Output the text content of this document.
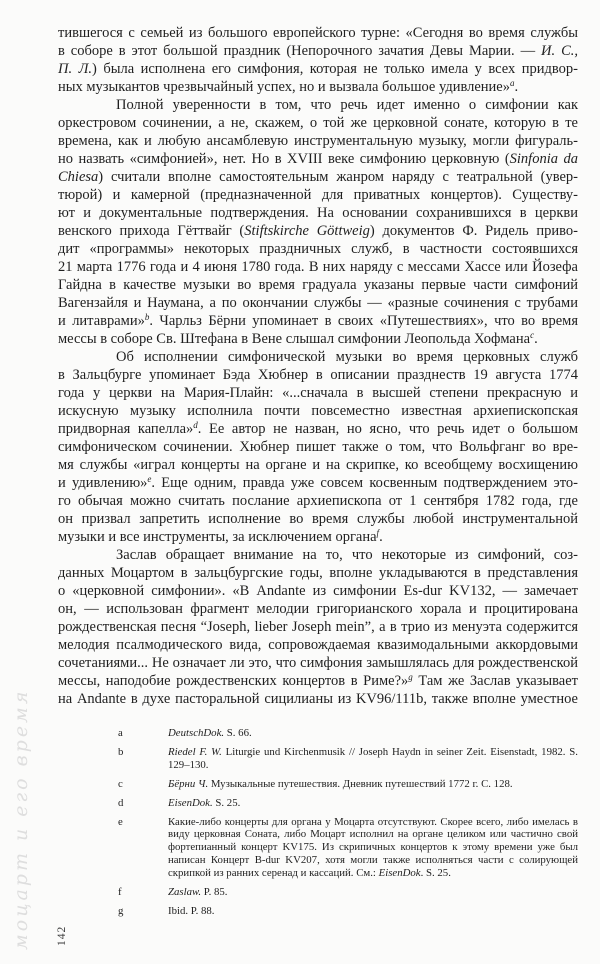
моцарт и его время
тившегося с семьей из большого европейского турне: «Сегодня во время службы
в соборе в этот большой праздник (Непорочного зачатия Девы Марии. — И. С.,
П. Л.) была исполнена его симфония, которая не только имела у всех придвор-
ных музыкантов чрезвычайный успех, но и вызвала большое удивление»$^a$.
Полной уверенности в том, что речь идет именно о симфонии как
оркестровом сочинении, а не, скажем, о той же церковной сонате, которую в те
времена, как и любую ансамблевую инструментальную музыку, могли фигураль-
но назвать «симфонией», нет. Но в XVIII веке симфонию церковную (Sinfonia da
Chiesa) считали вполне самостоятельным жанром наряду с театральной (увер-
тюрой) и камерной (предназначенной для приватных концертов). Существу-
ют и документальные подтверждения. На основании сохранившихся в церкви
венского прихода Гёттвайг (Stiftskirche Göttweig) документов Ф. Ридель приво-
дит «программы» некоторых праздничных служб, в частности состоявшихся
21 марта 1776 года и 4 июня 1780 года. В них наряду с мессами Хассе или Йозефа
Гайдна в качестве музыки во время градуала указаны первые части симфоний
Вагензайля и Наумана, а по окончании службы — «разные сочинения с трубами
и литаврами»$^b$. Чарльз Бёрни упоминает в своих «Путешествиях», что во время
мессы в соборе Св. Штефана в Вене слышал симфонии Леопольда Хофмана$^c$.
Об исполнении симфонической музыки во время церковных служб
в Зальцбурге упоминает Бэда Хюбнер в описании празднеств 19 августа 1774
года у церкви на Мария-Плайн: «...сначала в высшей степени прекрасную и
искусную музыку исполнила почти повсеместно известная архиепископская
придворная капелла»$^d$. Ее автор не назван, но ясно, что речь идет о большом
симфоническом сочинении. Хюбнер пишет также о том, что Вольфганг во вре-
мя службы «играл концерты на органе и на скрипке, ко всеобщему восхищению
и удивлению»$^e$. Еще одним, правда уже совсем косвенным подтверждением это-
го обычая можно считать послание архиепископа от 1 сентября 1782 года, где
он призвал запретить исполнение во время службы любой инструментальной
музыки и все инструменты, за исключением органа$^f$.
Заслав обращает внимание на то, что некоторые из симфоний, соз-
данных Моцартом в зальцбургские годы, вполне укладываются в представления
о «церковной симфонии». «В Andante из симфонии Es-dur KV132, — замечает
он, — использован фрагмент мелодии григорианского хорала и процитирована
рождественская песня “Joseph, lieber Joseph mein”, а в трио из менуэта содержится
мелодия псалмодического вида, сопровождаемая квазимодальными аккордовыми
сочетаниями... Не означает ли это, что симфония замышлялась для рождественской
мессы, наподобие рождественских концертов в Риме?»$^g$ Там же Заслав указывает
на Andante в духе пасторальной сицилианы из KV96/111b, также вполне уместное
a	DeutschDok. S. 66.
b	Riedel F. W. Liturgie und Kirchenmusik // Joseph Haydn in seiner Zeit. Eisenstadt, 1982. S. 129–130.
c	Бёрни Ч. Музыкальные путешествия. Дневник путешествий 1772 г. С. 128.
d	EisenDok. S. 25.
e	Какие-либо концерты для органа у Моцарта отсутствуют. Скорее всего, либо имелась в виду церковная Соната, либо Моцарт исполнил на органе целиком или частично свой фортепианный концерт KV175. Из скрипичных концертов к этому времени уже был написан Концерт B-dur KV207, хотя могли также исполняться части с солирующей скрипкой из ранних серенад и кассаций. См.: EisenDok. S. 25.
f	Zaslaw. P. 85.
g	Ibid. P. 88.
142
